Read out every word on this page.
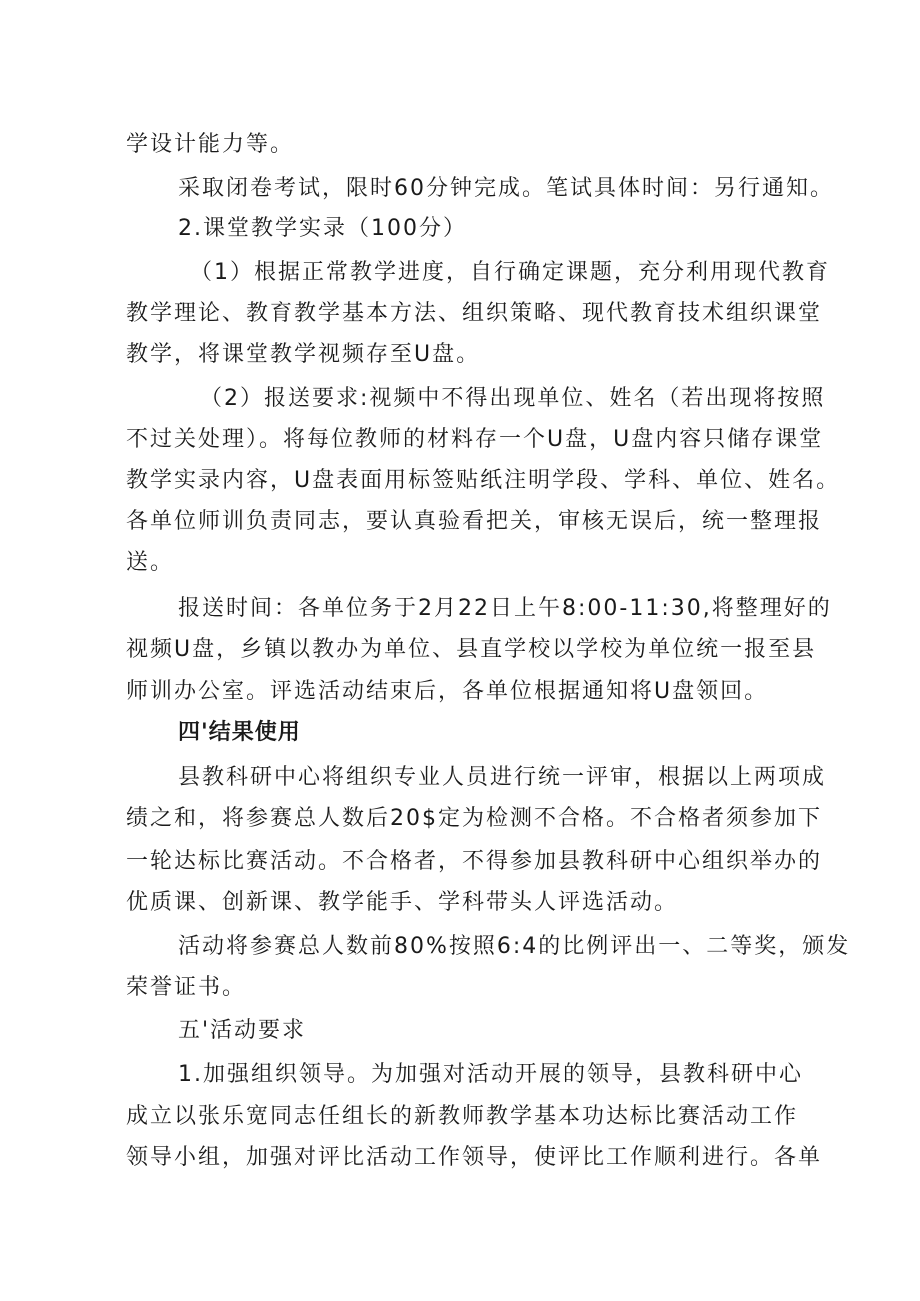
学设计能力等。

采取闭卷考试，限时60分钟完成。笔试具体时间：另行通知。

2.课堂教学实录（100分）

（1）根据正常教学进度，自行确定课题，充分利用现代教育

教学理论、教育教学基本方法、组织策略、现代教育技术组织课堂

教学，将课堂教学视频存至U盘。

（2）报送要求:视频中不得出现单位、姓名（若出现将按照

不过关处理）。将每位教师的材料存一个U盘，U盘内容只储存课堂

教学实录内容，U盘表面用标签贴纸注明学段、学科、单位、姓名。

各单位师训负责同志，要认真验看把关，审核无误后，统一整理报

送。

报送时间：各单位务于2月22日上午8:00-11:30,将整理好的

视频U盘，乡镇以教办为单位、县直学校以学校为单位统一报至县

师训办公室。评选活动结束后，各单位根据通知将U盘领回。

四'结果使用

县教科研中心将组织专业人员进行统一评审，根据以上两项成

绩之和，将参赛总人数后20$定为检测不合格。不合格者须参加下

一轮达标比赛活动。不合格者，不得参加县教科研中心组织举办的

优质课、创新课、教学能手、学科带头人评选活动。

活动将参赛总人数前80%按照6:4的比例评出一、二等奖，颁发

荣誉证书。

五'活动要求

1.加强组织领导。为加强对活动开展的领导，县教科研中心

成立以张乐宽同志任组长的新教师教学基本功达标比赛活动工作

领导小组，加强对评比活动工作领导，使评比工作顺利进行。各单
